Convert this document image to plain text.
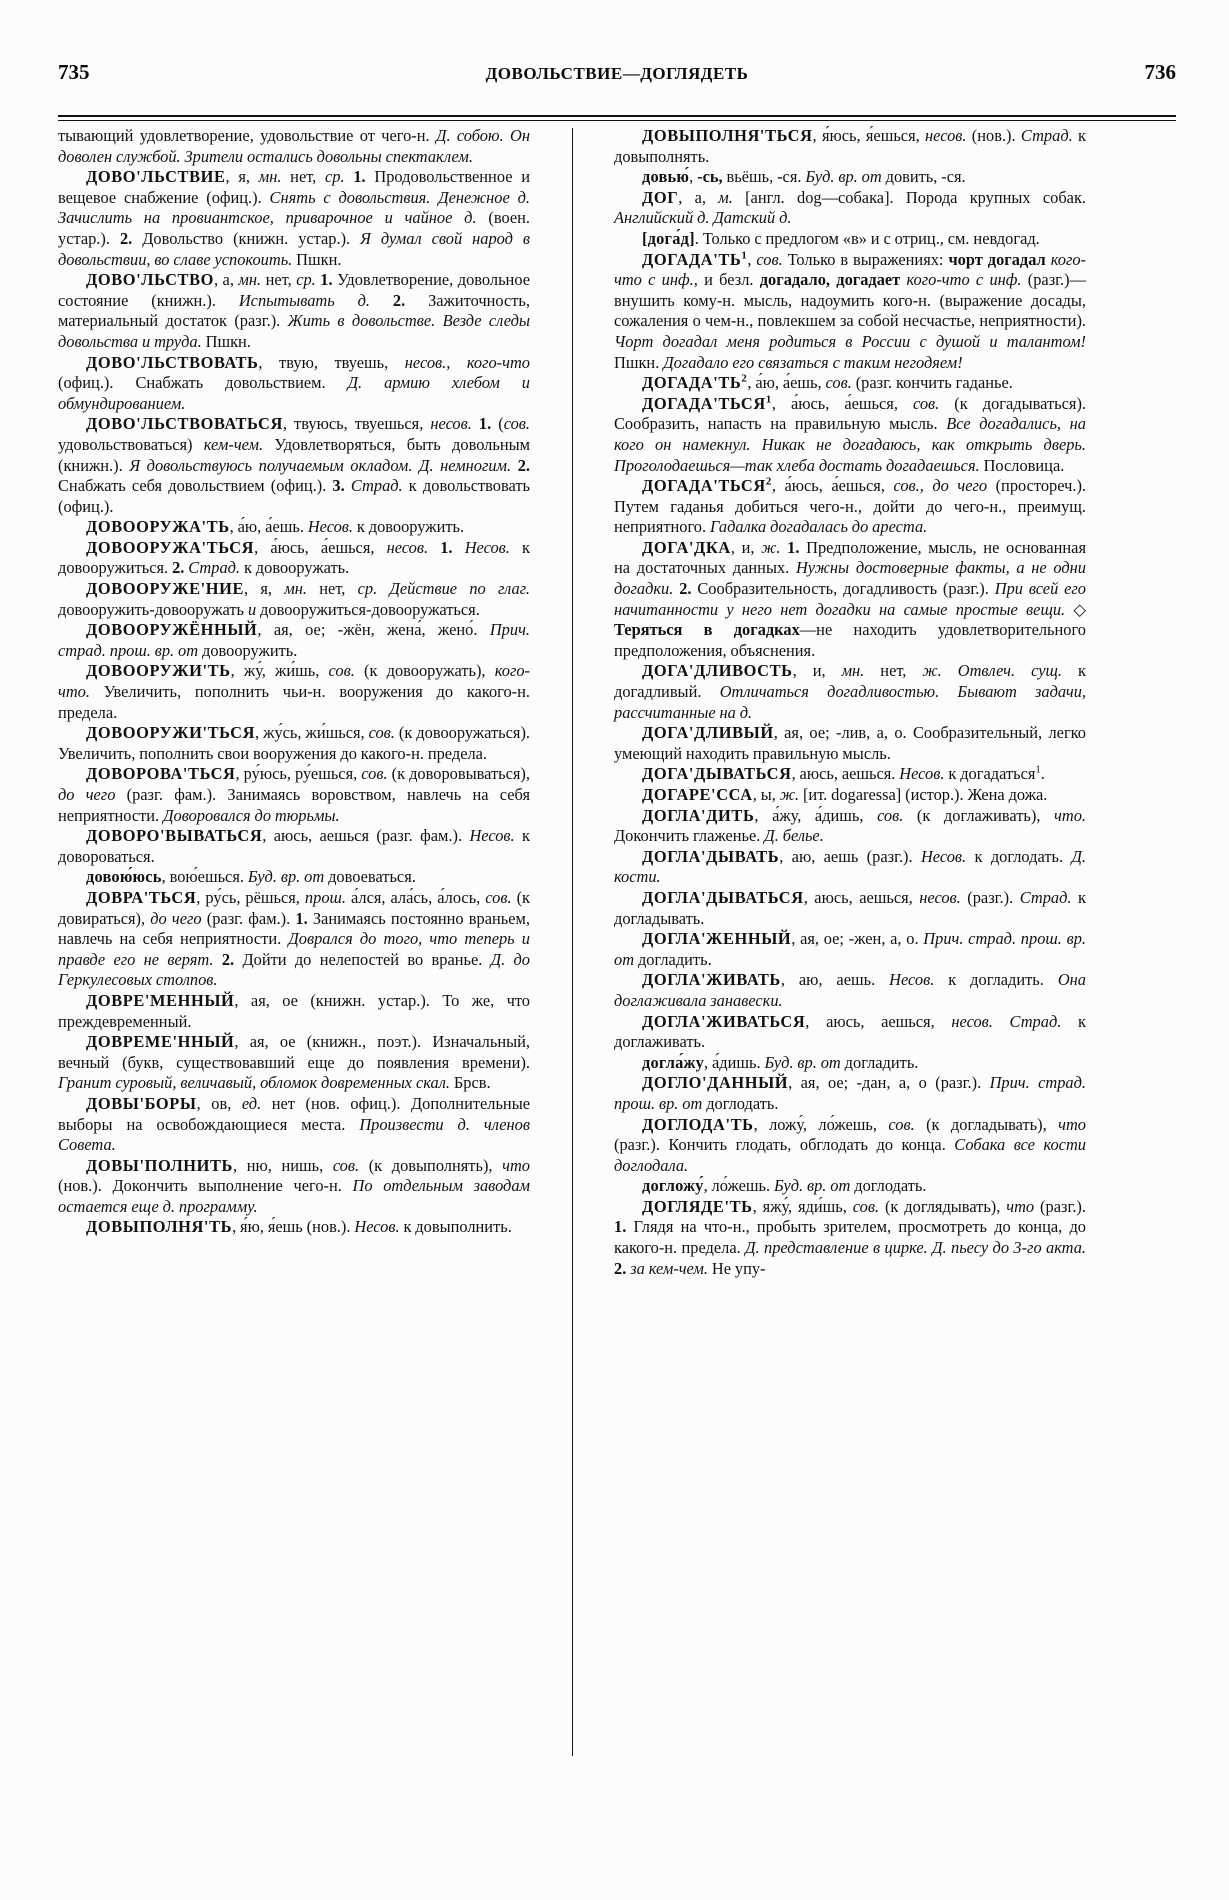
735	ДОВОЛЬСТВИЕ—ДОГЛЯДЕТЬ	736

тывающий удовлетворение, удовольствие от чего-н. Д. собою. Он доволен службой. Зрители остались довольны спектаклем.

ДОВО'ЛЬСТВИЕ, я, мн. нет, ср. 1. Продовольственное и вещевое снабжение (офиц.). Снять с довольствия. Денежное д. Зачислить на провиантское, приварочное и чайное д. (воен. устар.). 2. Довольство (книжн. устар.). Я думал свой народ в довольствии, во славе успокоить. Пшкн.

ДОВО'ЛЬСТВО, а, мн. нет, ср. 1. Удовлетворение, довольное состояние (книжн.). Испытывать д. 2. Зажиточность, материальный достаток (разг.). Жить в довольстве. Везде следы довольства и труда. Пшкн.

ДОВО'ЛЬСТВОВАТЬ, твую, твуешь, несов., кого-что (офиц.). Снабжать довольствием. Д. армию хлебом и обмундированием.

ДОВО'ЛЬСТВОВАТЬСЯ, твуюсь, твуешься, несов. 1. (сов. удовольствоваться) кем-чем. Удовлетворяться, быть довольным (книжн.). Я довольствуюсь получаемым окладом. Д. немногим. 2. Снабжать себя довольствием (офиц.). 3. Страд. к довольствовать (офиц.).

ДОВООРУЖА'ТЬ, а́ю, а́ешь. Несов. к довооружить.

ДОВООРУЖА'ТЬСЯ, а́юсь, а́ешься, несов. 1. Несов. к довооружиться. 2. Страд. к довооружать.

ДОВООРУЖЕ'НИЕ, я, мн. нет, ср. Действие по глаг. довооружить-довооружать и довооружиться-довооружаться.

ДОВООРУЖЁННЫЙ, ая, ое; -жён, жена́, жено́. Прич. страд. прош. вр. от довооружить.

ДОВООРУЖИ'ТЬ, жу́, жи́шь, сов. (к довооружать), кого-что. Увеличить, пополнить чьи-н. вооружения до какого-н. предела.

ДОВООРУЖИ'ТЬСЯ, жу́сь, жи́шься, сов. (к довооружаться). Увеличить, пополнить свои вооружения до какого-н. предела.

ДОВОРОВА'ТЬСЯ, ру́юсь, ру́ешься, сов. (к доворовываться), до чего (разг. фам.). Занимаясь воровством, навлечь на себя неприятности. Доворовался до тюрьмы.

ДОВОРО'ВЫВАТЬСЯ, аюсь, аешься (разг. фам.). Несов. к довороваться.

довою́юсь, вою́ешься. Буд. вр. от довоеваться.

ДОВРА'ТЬСЯ, ру́сь, рёшься, прош. а́лся, ала́сь, а́лось, сов. (к довираться), до чего (разг. фам.). 1. Занимаясь постоянно враньем, навлечь на себя неприятности. Доврался до того, что теперь и правде его не верят. 2. Дойти до нелепостей во вранье. Д. до Геркулесовых столпов.

ДОВРЕ'МЕННЫЙ, ая, ое (книжн. устар.). То же, что преждевременный.

ДОВРЕМЕ'ННЫЙ, ая, ое (книжн., поэт.). Изначальный, вечный (букв, существовавший еще до появления времени). Гранит суровый, величавый, обломок довременных скал. Брсв.

ДОВЫ'БОРЫ, ов, ед. нет (нов. офиц.). Дополнительные выборы на освобождающиеся места. Произвести д. членов Совета.

ДОВЫ'ПОЛНИТЬ, ню, нишь, сов. (к довыполнять), что (нов.). Докончить выполнение чего-н. По отдельным заводам остается еще д. программу.

ДОВЫПОЛНЯ'ТЬ, я́ю, я́ешь (нов.). Несов. к довыполнить.

ДОВЫПОЛНЯ'ТЬСЯ, я́юсь, я́ешься, несов. (нов.). Страд. к довыполнять.

довью́, -сь, вьёшь, -ся. Буд. вр. от довить, -ся.

ДОГ, а, м. [англ. dog—собака]. Порода крупных собак. Английский д. Датский д.

[дога́д]. Только с предлогом «в» и с отриц., см. невдогад.

$ДОГАДА'ТЬ^1$, сов. Только в выражениях: чорт догадал кого-что с инф., и безл. догадало, догадает кого-что с инф. (разг.)—внушить кому-н. мысль, надоумить кого-н. (выражение досады, сожаления о чем-н., повлекшем за собой несчастье, неприятности). Чорт догадал меня родиться в России с душой и талантом! Пшкн. Догадало его связаться с таким негодяем!

$ДОГАДА'ТЬ^2$, а́ю, а́ешь, сов. (разг. кончить гаданье.

ДОГАДА'ТЬСЯ$^1$, а́юсь, а́ешься, сов. (к догадываться). Сообразить, напасть на правильную мысль. Все догадались, на кого он намекнул. Никак не догадаюсь, как открыть дверь. Проголодаешься—так хлеба достать догадаешься. Пословица.

ДОГАДА'ТЬСЯ$^2$, а́юсь, а́ешься, сов., до чего (простореч.). Путем гаданья добиться чего-н., дойти до чего-н., преимущ. неприятного. Гадалка догадалась до ареста.

ДОГА'ДКА, и, ж. 1. Предположение, мысль, не основанная на достаточных данных. Нужны достоверные факты, а не одни догадки. 2. Сообразительность, догадливость (разг.). При всей его начитанности у него нет догадки на самые простые вещи. ◇ Теряться в догадках—не находить удовлетворительного предположения, объяснения.

ДОГА'ДЛИВОСТЬ, и, мн. нет, ж. Отвлеч. сущ. к догадливый. Отличаться догадливостью. Бывают задачи, рассчитанные на д.

ДОГА'ДЛИВЫЙ, ая, ое; -лив, а, о. Сообразительный, легко умеющий находить правильную мысль.

ДОГА'ДЫВАТЬСЯ, аюсь, аешься. Несов. к догадаться$^1$.

ДОГАРЕ'ССА, ы, ж. [ит. dogaressa] (истор.). Жена дожа.

ДОГЛА'ДИТЬ, а́жу, а́дишь, сов. (к доглаживать), что. Докончить глаженье. Д. белье.

ДОГЛА'ДЫВАТЬ, аю, аешь (разг.). Несов. к доглодать. Д. кости.

ДОГЛА'ДЫВАТЬСЯ, аюсь, аешься, несов. (разг.). Страд. к догладывать.

ДОГЛА'ЖЕННЫЙ, ая, ое; -жен, а, о. Прич. страд. прош. вр. от догладить.

ДОГЛА'ЖИВАТЬ, аю, аешь. Несов. к догладить. Она доглаживала занавески.

ДОГЛА'ЖИВАТЬСЯ, аюсь, аешься, несов. Страд. к доглаживать.

догла́жу, а́дишь. Буд. вр. от догладить.

ДОГЛО'ДАННЫЙ, ая, ое; -дан, а, о (разг.). Прич. страд. прош. вр. от доглодать.

ДОГЛОДА'ТЬ, ложу́, ло́жешь, сов. (к догладывать), что (разг.). Кончить глодать, обглодать до конца. Собака все кости доглодала.

догложу́, ло́жешь. Буд. вр. от доглодать.

ДОГЛЯДЕ'ТЬ, яжу́, яди́шь, сов. (к доглядывать), что (разг.). 1. Глядя на что-н., пробыть зрителем, просмотреть до конца, до какого-н. предела. Д. представление в цирке. Д. пьесу до 3-го акта. 2. за кем-чем. Не упу-
